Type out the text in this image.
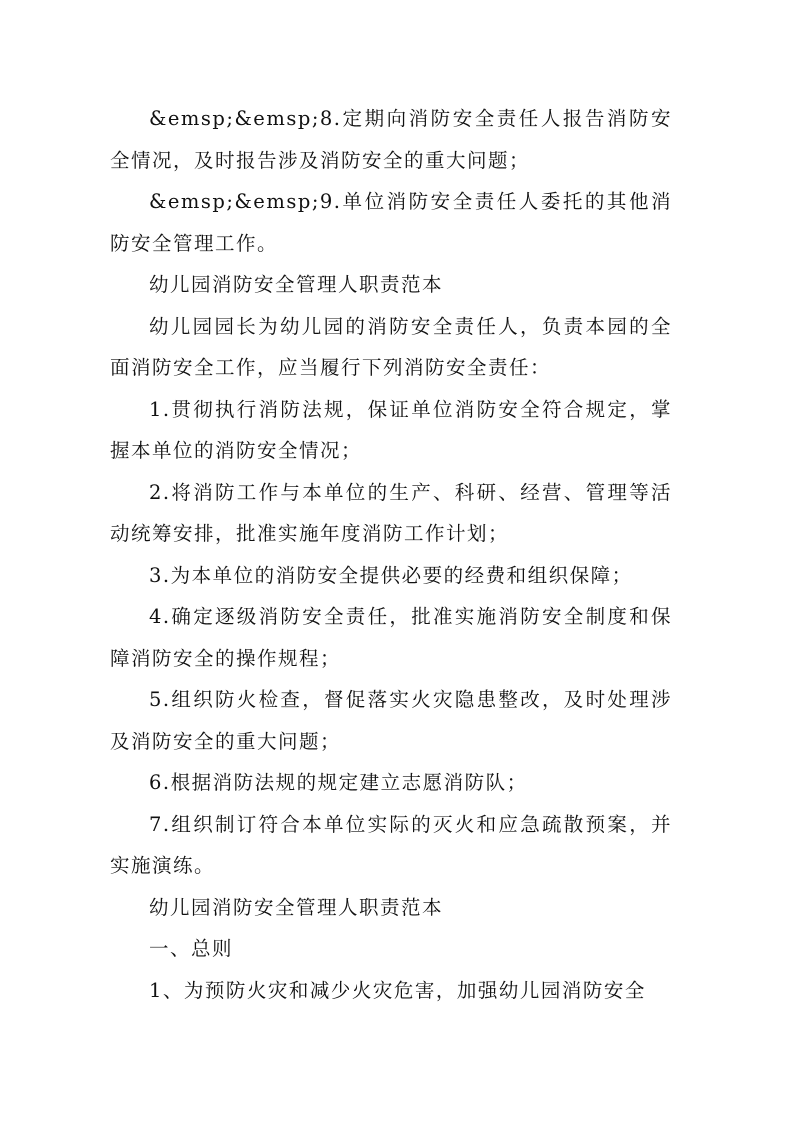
&emsp;&emsp;8.定期向消防安全责任人报告消防安全情况，及时报告涉及消防安全的重大问题；

&emsp;&emsp;9.单位消防安全责任人委托的其他消防安全管理工作。

幼儿园消防安全管理人职责范本

幼儿园园长为幼儿园的消防安全责任人，负责本园的全面消防安全工作，应当履行下列消防安全责任：

1.贯彻执行消防法规，保证单位消防安全符合规定，掌握本单位的消防安全情况；

2.将消防工作与本单位的生产、科研、经营、管理等活动统筹安排，批准实施年度消防工作计划；

3.为本单位的消防安全提供必要的经费和组织保障；

4.确定逐级消防安全责任，批准实施消防安全制度和保障消防安全的操作规程；

5.组织防火检查，督促落实火灾隐患整改，及时处理涉及消防安全的重大问题；

6.根据消防法规的规定建立志愿消防队；

7.组织制订符合本单位实际的灭火和应急疏散预案，并实施演练。

幼儿园消防安全管理人职责范本

一、总则

1、为预防火灾和减少火灾危害，加强幼儿园消防安全
